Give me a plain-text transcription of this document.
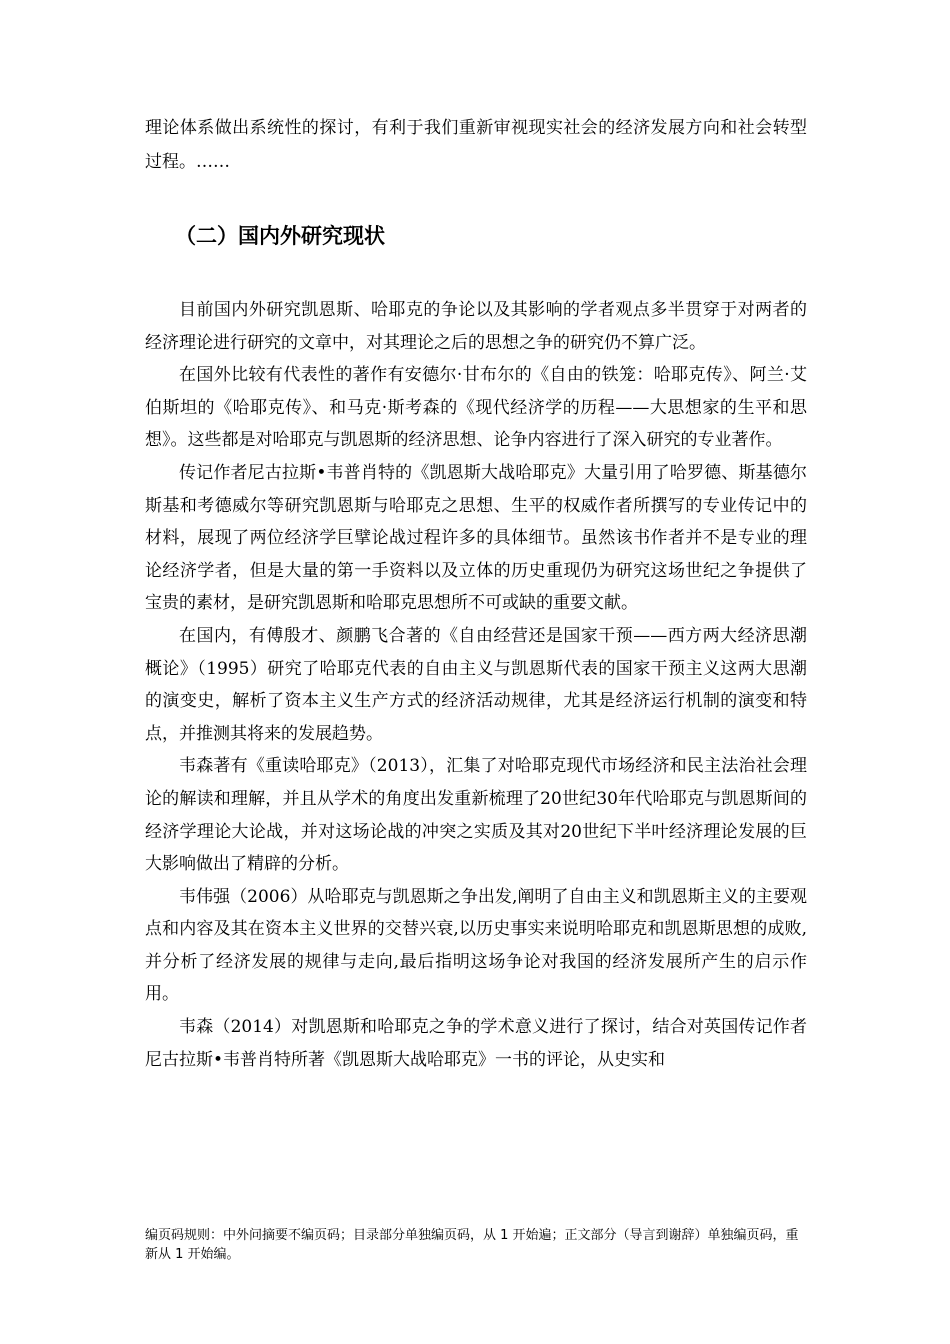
理论体系做出系统性的探讨，有利于我们重新审视现实社会的经济发展方向和社会转型过程。……

（二）国内外研究现状

目前国内外研究凯恩斯、哈耶克的争论以及其影响的学者观点多半贯穿于对两者的经济理论进行研究的文章中，对其理论之后的思想之争的研究仍不算广泛。

在国外比较有代表性的著作有安德尔·甘布尔的《自由的铁笼：哈耶克传》、阿兰·艾伯斯坦的《哈耶克传》、和马克·斯考森的《现代经济学的历程——大思想家的生平和思想》。这些都是对哈耶克与凯恩斯的经济思想、论争内容进行了深入研究的专业著作。

传记作者尼古拉斯•韦普肖特的《凯恩斯大战哈耶克》大量引用了哈罗德、斯基德尔斯基和考德威尔等研究凯恩斯与哈耶克之思想、生平的权威作者所撰写的专业传记中的材料，展现了两位经济学巨擘论战过程许多的具体细节。虽然该书作者并不是专业的理论经济学者，但是大量的第一手资料以及立体的历史重现仍为研究这场世纪之争提供了宝贵的素材，是研究凯恩斯和哈耶克思想所不可或缺的重要文献。

在国内，有傅殷才、颜鹏飞合著的《自由经营还是国家干预——西方两大经济思潮概论》（1995）研究了哈耶克代表的自由主义与凯恩斯代表的国家干预主义这两大思潮的演变史，解析了资本主义生产方式的经济活动规律，尤其是经济运行机制的演变和特点，并推测其将来的发展趋势。

韦森著有《重读哈耶克》（2013），汇集了对哈耶克现代市场经济和民主法治社会理论的解读和理解，并且从学术的角度出发重新梳理了20世纪30年代哈耶克与凯恩斯间的经济学理论大论战，并对这场论战的冲突之实质及其对20世纪下半叶经济理论发展的巨大影响做出了精辟的分析。

韦伟强（2006）从哈耶克与凯恩斯之争出发,阐明了自由主义和凯恩斯主义的主要观点和内容及其在资本主义世界的交替兴衰,以历史事实来说明哈耶克和凯恩斯思想的成败,并分析了经济发展的规律与走向,最后指明这场争论对我国的经济发展所产生的启示作用。

韦森（2014）对凯恩斯和哈耶克之争的学术意义进行了探讨，结合对英国传记作者尼古拉斯•韦普肖特所著《凯恩斯大战哈耶克》一书的评论，从史实和

编页码规则：中外问摘要不编页码；目录部分单独编页码，从 1 开始遍；正文部分（导言到谢辞）单独编页码，重新从 1 开始编。
